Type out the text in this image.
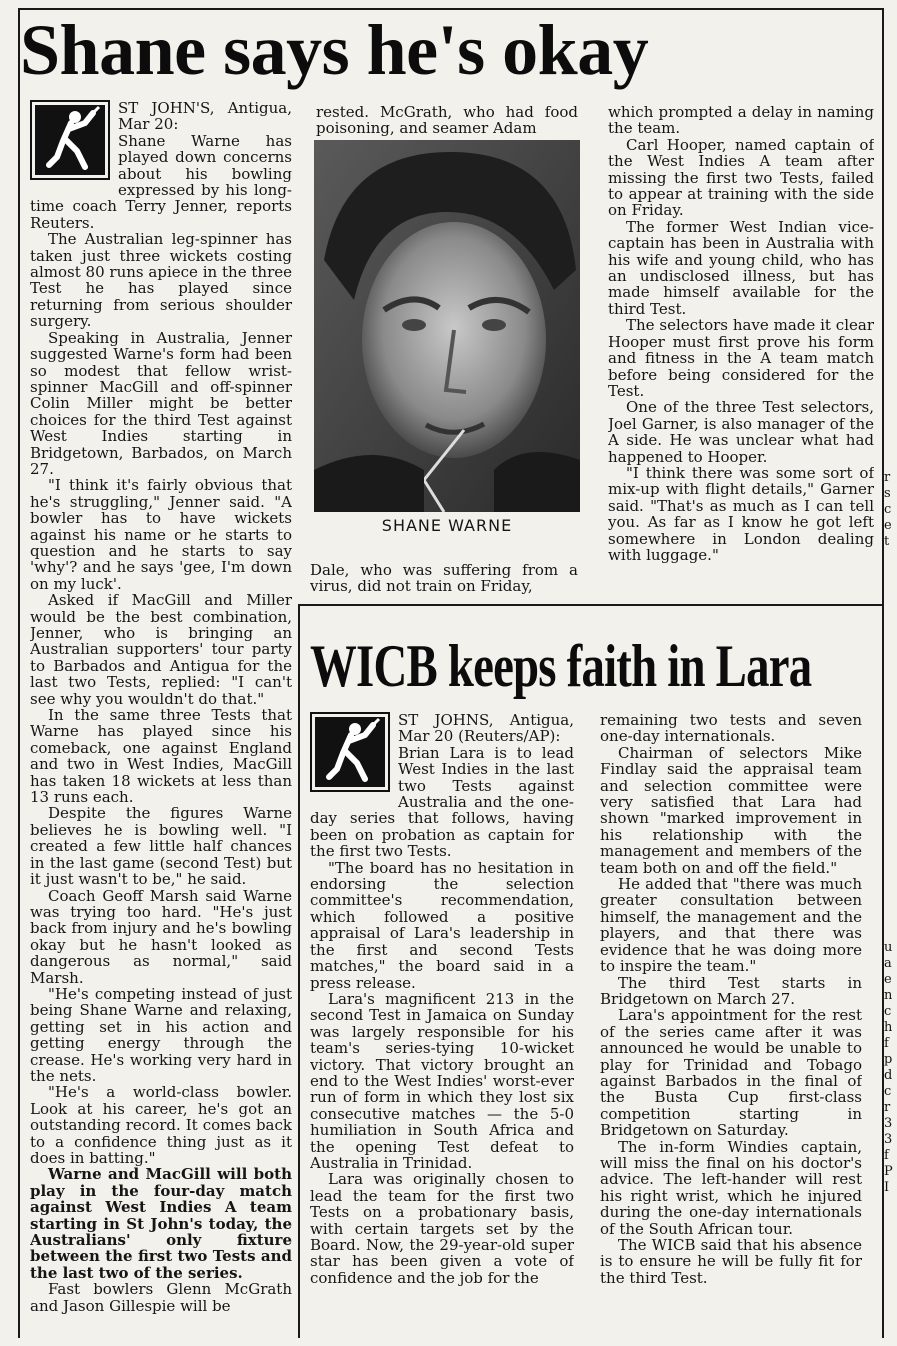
Shane says he's okay

ST JOHN'S, Antigua, Mar 20:

Shane Warne has played down concerns about his bowling expressed by his long-time coach Terry Jenner, reports Reuters.

The Australian leg-spinner has taken just three wickets costing almost 80 runs apiece in the three Test he has played since returning from serious shoulder surgery.

Speaking in Australia, Jenner suggested Warne's form had been so modest that fellow wrist-spinner MacGill and off-spinner Colin Miller might be better choices for the third Test against West Indies starting in Bridgetown, Barbados, on March 27.

"I think it's fairly obvious that he's struggling," Jenner said. "A bowler has to have wickets against his name or he starts to question and he starts to say 'why'? and he says 'gee, I'm down on my luck'.

Asked if MacGill and Miller would be the best combination, Jenner, who is bringing an Australian supporters' tour party to Barbados and Antigua for the last two Tests, replied: "I can't see why you wouldn't do that."

In the same three Tests that Warne has played since his comeback, one against England and two in West Indies, MacGill has taken 18 wickets at less than 13 runs each.

Despite the figures Warne believes he is bowling well. "I created a few little half chances in the last game (second Test) but it just wasn't to be," he said.

Coach Geoff Marsh said Warne was trying too hard. "He's just back from injury and he's bowling okay but he hasn't looked as dangerous as normal," said Marsh.

"He's competing instead of just being Shane Warne and relaxing, getting set in his action and getting energy through the crease. He's working very hard in the nets.

"He's a world-class bowler. Look at his career, he's got an outstanding record. It comes back to a confidence thing just as it does in batting."

Warne and MacGill will both play in the four-day match against West Indies A team starting in St John's today, the Australians' only fixture between the first two Tests and the last two of the series.

Fast bowlers Glenn McGrath and Jason Gillespie will be

rested. McGrath, who had food poisoning, and seamer Adam

SHANE WARNE

Dale, who was suffering from a virus, did not train on Friday,

which prompted a delay in naming the team.

Carl Hooper, named captain of the West Indies A team after missing the first two Tests, failed to appear at training with the side on Friday.

The former West Indian vice-captain has been in Australia with his wife and young child, who has an undisclosed illness, but has made himself available for the third Test.

The selectors have made it clear Hooper must first prove his form and fitness in the A team match before being considered for the Test.

One of the three Test selectors, Joel Garner, is also manager of the A side. He was unclear what had happened to Hooper.

"I think there was some sort of mix-up with flight details," Garner said. "That's as much as I can tell you. As far as I know he got left somewhere in London dealing with luggage."

WICB keeps faith in Lara

ST JOHNS, Antigua, Mar 20 (Reuters/AP):

Brian Lara is to lead West Indies in the last two Tests against Australia and the one-day series that follows, having been on probation as captain for the first two Tests.

"The board has no hesitation in endorsing the selection committee's recommendation, which followed a positive appraisal of Lara's leadership in the first and second Tests matches," the board said in a press release.

Lara's magnificent 213 in the second Test in Jamaica on Sunday was largely responsible for his team's series-tying 10-wicket victory. That victory brought an end to the West Indies' worst-ever run of form in which they lost six consecutive matches — the 5-0 humiliation in South Africa and the opening Test defeat to Australia in Trinidad.

Lara was originally chosen to lead the team for the first two Tests on a probationary basis, with certain targets set by the Board. Now, the 29-year-old super star has been given a vote of confidence and the job for the

remaining two tests and seven one-day internationals.

Chairman of selectors Mike Findlay said the appraisal team and selection committee were very satisfied that Lara had shown "marked improvement in his relationship with the management and members of the team both on and off the field."

He added that "there was much greater consultation between himself, the management and the players, and that there was evidence that he was doing more to inspire the team."

The third Test starts in Bridgetown on March 27.

Lara's appointment for the rest of the series came after it was announced he would be unable to play for Trinidad and Tobago against Barbados in the final of the Busta Cup first-class competition starting in Bridgetown on Saturday.

The in-form Windies captain, will miss the final on his doctor's advice. The left-hander will rest his right wrist, which he injured during the one-day internationals of the South African tour.

The WICB said that his absence is to ensure he will be fully fit for the third Test.

r
s
c
e
t
u
a
e
n
c
h
f
p
d
c
r
3
3
f
P
I
